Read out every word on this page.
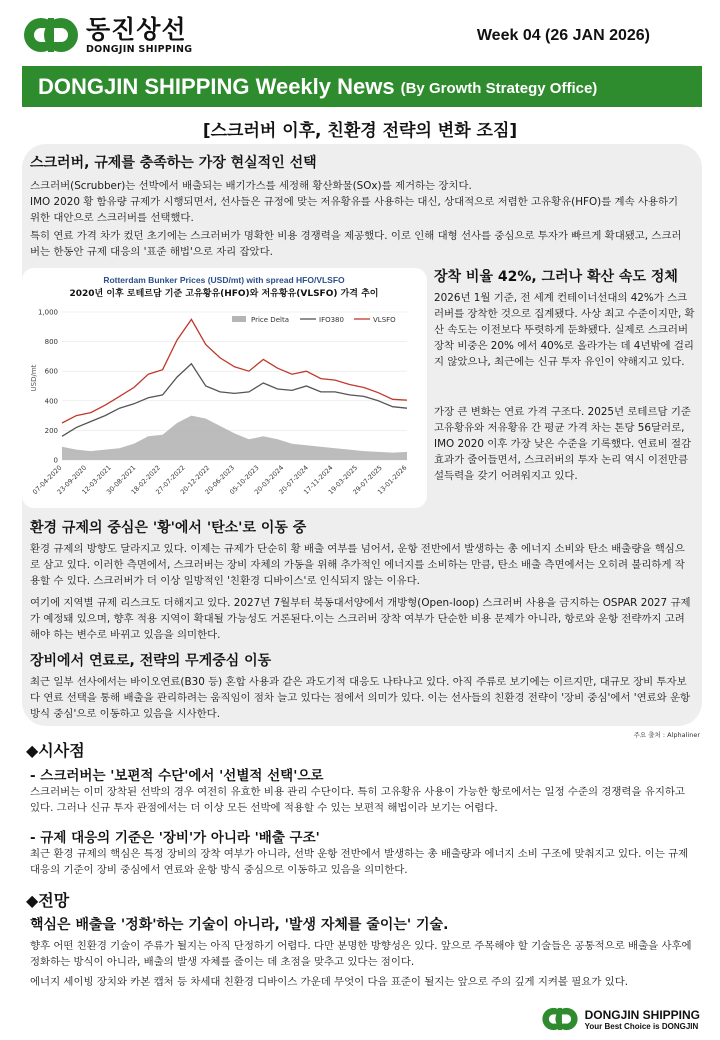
동진상선
DONGJIN SHIPPING
Week 04 (26 JAN 2026)
DONGJIN SHIPPING Weekly News (By Growth Strategy Office)
[스크러버 이후, 친환경 전략의 변화 조짐]
스크러버, 규제를 충족하는 가장 현실적인 선택
스크러버(Scrubber)는 선박에서 배출되는 배기가스를 세정해 황산화물(SOx)를 제거하는 장치다.
IMO 2020 황 함유량 규제가 시행되면서, 선사들은 규정에 맞는 저유황유를 사용하는 대신, 상대적으로 저렴한 고유황유(HFO)를 계속 사용하기 위한 대안으로 스크러버를 선택했다.
특히 연료 가격 차가 컸던 초기에는 스크러버가 명확한 비용 경쟁력을 제공했다. 이로 인해 대형 선사를 중심으로 투자가 빠르게 확대됐고, 스크러버는 한동안 규제 대응의 '표준 해법'으로 자리 잡았다.
Rotterdam Bunker Prices (USD/mt) with spread HFO/VLSFO
2020년 이후 로테르담 기준 고유황유(HFO)와 저유황유(VLSFO) 가격 추이
USD/mt
Price Delta	IFO380	VLSFO
07-04-2020
23-09-2020
12-03-2021
30-08-2021
18-02-2022
27-07-2022
20-12-2022
20-06-2023
05-10-2023
20-03-2024
20-07-2024
17-11-2024
19-03-2025
29-07-2025
13-01-2026
0
200
400
600
800
1,000
장착 비율 42%, 그러나 확산 속도 정체
2026년 1월 기준, 전 세계 컨테이너선대의 42%가 스크러버를 장착한 것으로 집계됐다. 사상 최고 수준이지만, 확산 속도는 이전보다 뚜렷하게 둔화됐다. 실제로 스크러버 장착 비중은 20% 에서 40%로 올라가는 데 4년밖에 걸리지 않았으나, 최근에는 신규 투자 유인이 약해지고 있다.
가장 큰 변화는 연료 가격 구조다. 2025년 로테르담 기준 고유황유와 저유황유 간 평균 가격 차는 톤당 56달러로, IMO 2020 이후 가장 낮은 수준을 기록했다. 연료비 절감 효과가 줄어들면서, 스크러버의 투자 논리 역시 이전만큼 설득력을 갖기 어려워지고 있다.
환경 규제의 중심은 '황'에서 '탄소'로 이동 중
환경 규제의 방향도 달라지고 있다. 이제는 규제가 단순히 황 배출 여부를 넘어서, 운항 전반에서 발생하는 총 에너지 소비와 탄소 배출량을 핵심으로 삼고 있다. 이러한 측면에서, 스크러버는 장비 자체의 가동을 위해 추가적인 에너지를 소비하는 만큼, 탄소 배출 측면에서는 오히려 불리하게 작용할 수 있다. 스크러버가 더 이상 일방적인 '친환경 디바이스'로 인식되지 않는 이유다.
여기에 지역별 규제 리스크도 더해지고 있다. 2027년 7월부터 북동대서양에서 개방형(Open-loop) 스크러버 사용을 금지하는 OSPAR 2027 규제가 예정돼 있으며, 향후 적용 지역이 확대될 가능성도 거론된다.이는 스크러버 장착 여부가 단순한 비용 문제가 아니라, 항로와 운항 전략까지 고려해야 하는 변수로 바뀌고 있음을 의미한다.
장비에서 연료로, 전략의 무게중심 이동
최근 일부 선사에서는 바이오연료(B30 등) 혼합 사용과 같은 과도기적 대응도 나타나고 있다. 아직 주류로 보기에는 이르지만, 대규모 장비 투자보다 연료 선택을 통해 배출을 관리하려는 움직임이 점차 늘고 있다는 점에서 의미가 있다. 이는 선사들의 친환경 전략이 '장비 중심'에서 '연료와 운항 방식 중심'으로 이동하고 있음을 시사한다.
주요 출처 : Alphaliner
◆시사점
- 스크러버는 '보편적 수단'에서 '선별적 선택'으로
스크러버는 이미 장착된 선박의 경우 여전히 유효한 비용 관리 수단이다. 특히 고유황유 사용이 가능한 항로에서는 일정 수준의 경쟁력을 유지하고 있다. 그러나 신규 투자 관점에서는 더 이상 모든 선박에 적용할 수 있는 보편적 해법이라 보기는 어렵다.
- 규제 대응의 기준은 '장비'가 아니라 '배출 구조'
최근 환경 규제의 핵심은 특정 장비의 장착 여부가 아니라, 선박 운항 전반에서 발생하는 총 배출량과 에너지 소비 구조에 맞춰지고 있다. 이는 규제 대응의 기준이 장비 중심에서 연료와 운항 방식 중심으로 이동하고 있음을 의미한다.
◆전망
핵심은 배출을 '정화'하는 기술이 아니라, '발생 자체를 줄이는' 기술.
향후 어떤 친환경 기술이 주류가 될지는 아직 단정하기 어렵다. 다만 분명한 방향성은 있다. 앞으로 주목해야 할 기술들은 공통적으로 배출을 사후에 정화하는 방식이 아니라, 배출의 발생 자체를 줄이는 데 초점을 맞추고 있다는 점이다.
에너지 세이빙 장치와 카본 캡처 등 차세대 친환경 디바이스 가운데 무엇이 다음 표준이 될지는 앞으로 주의 깊게 지켜볼 필요가 있다.
DONGJIN SHIPPING
Your Best Choice is DONGJIN
